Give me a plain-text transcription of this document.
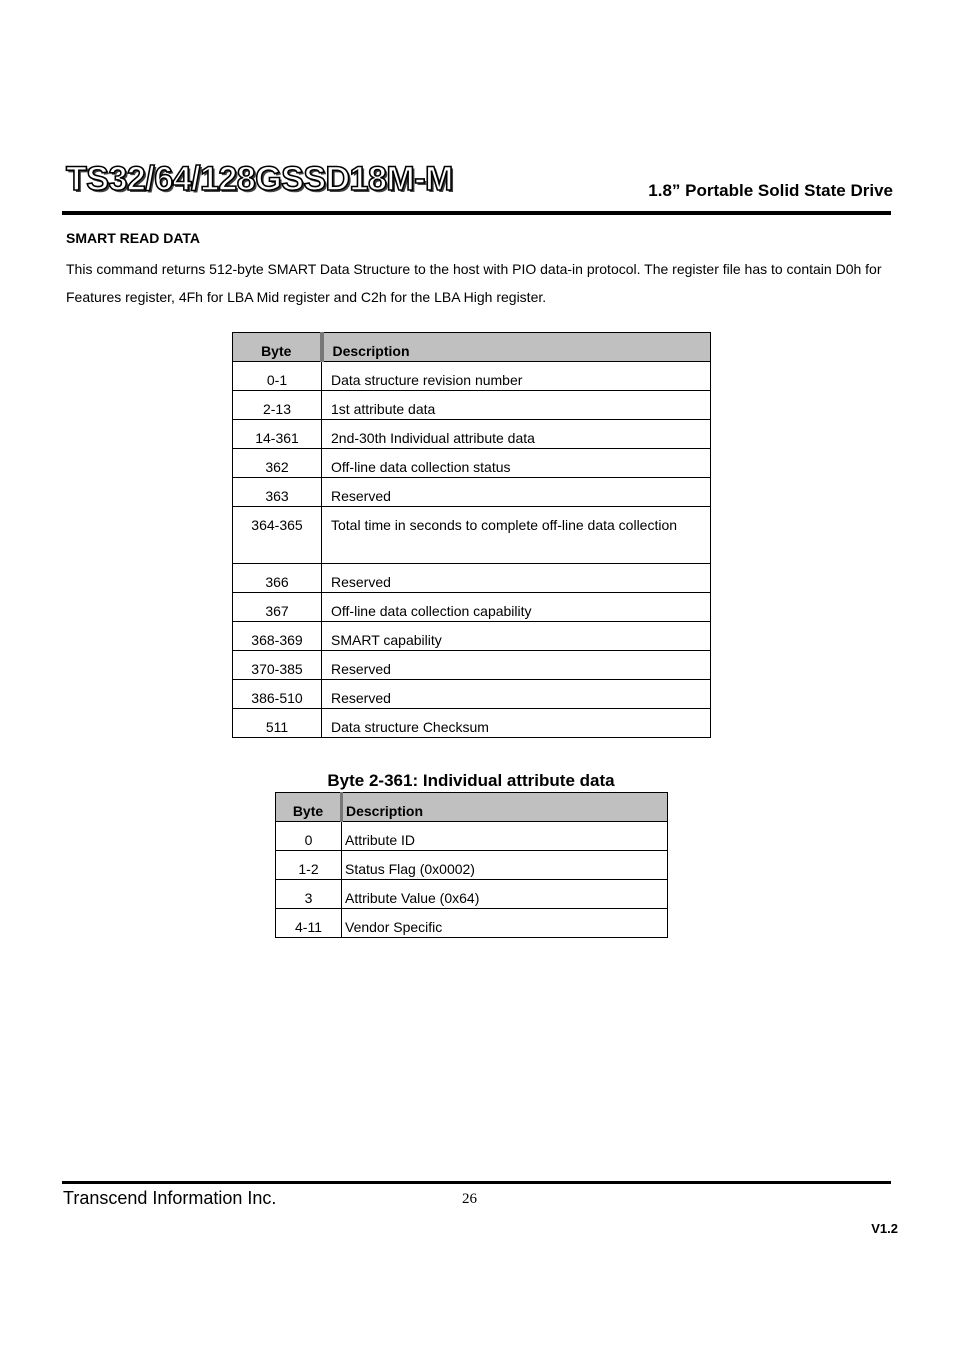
TS32/64/128GSSD18M-M	1.8” Portable Solid State Drive
SMART READ DATA
This command returns 512-byte SMART Data Structure to the host with PIO data-in protocol. The register file has to contain D0h for Features register, 4Fh for LBA Mid register and C2h for the LBA High register.
Byte	Description
0-1	Data structure revision number
2-13	1st attribute data
14-361	2nd-30th Individual attribute data
362	Off-line data collection status
363	Reserved
364-365	Total time in seconds to complete off-line data collection
366	Reserved
367	Off-line data collection capability
368-369	SMART capability
370-385	Reserved
386-510	Reserved
511	Data structure Checksum
Byte 2-361: Individual attribute data
Byte	Description
0	Attribute ID
1-2	Status Flag (0x0002)
3	Attribute Value (0x64)
4-11	Vendor Specific
Transcend Information Inc.	26
V1.2
